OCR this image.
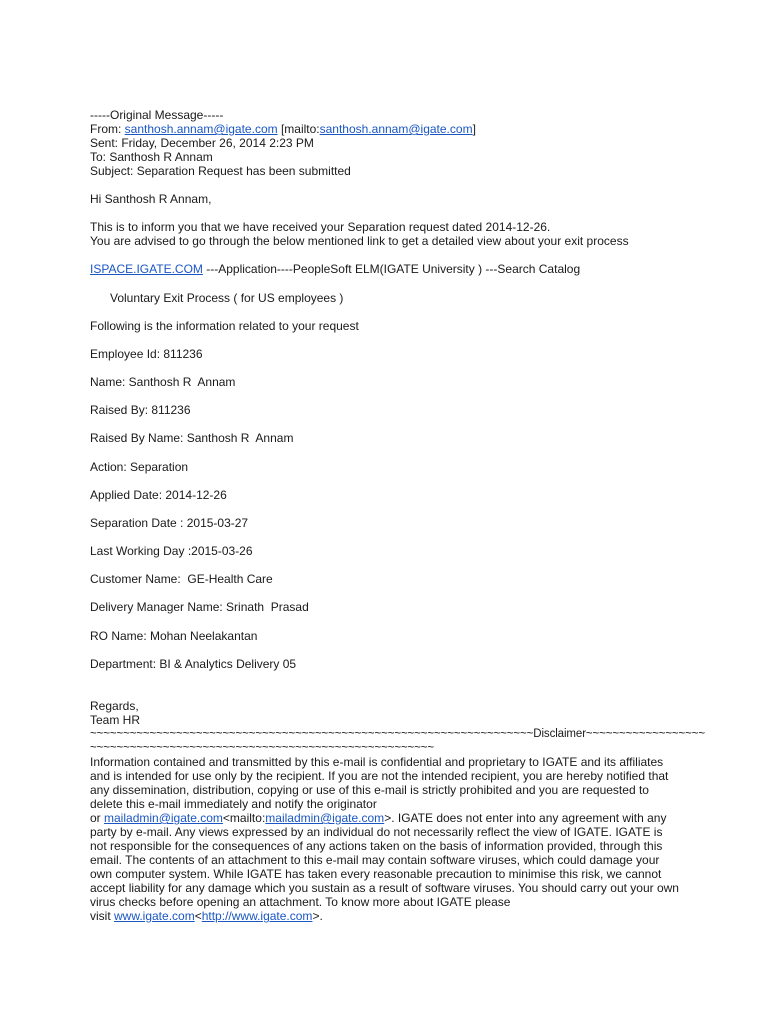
-----Original Message-----
From: santhosh.annam@igate.com [mailto:santhosh.annam@igate.com]
Sent: Friday, December 26, 2014 2:23 PM
To: Santhosh R Annam
Subject: Separation Request has been submitted
Hi Santhosh R Annam,
This is to inform you that we have received your Separation request dated 2014-12-26.
You are advised to go through the below mentioned link to get a detailed view about your exit process
ISPACE.IGATE.COM ---Application----PeopleSoft ELM(IGATE University ) ---Search Catalog
Voluntary Exit Process ( for US employees )
Following is the information related to your request
Employee Id: 811236
Name: Santhosh R  Annam
Raised By: 811236
Raised By Name: Santhosh R  Annam
Action: Separation
Applied Date: 2014-12-26
Separation Date : 2015-03-27
Last Working Day :2015-03-26
Customer Name:  GE-Health Care
Delivery Manager Name: Srinath  Prasad
RO Name: Mohan Neelakantan
Department: BI & Analytics Delivery 05
Regards,
Team HR
~~~~~~~~~~~~~~~~~~~~~~~~~~~~~~~~~~~~~~~~~~~~~~~~~~~~~~~~~~~~~~~~~~~Disclaimer~~~~~~~~~~~~~~~~~~
~~~~~~~~~~~~~~~~~~~~~~~~~~~~~~~~~~~~~~~~~~~~~~~~~~~~
Information contained and transmitted by this e-mail is confidential and proprietary to IGATE and its affiliates
and is intended for use only by the recipient. If you are not the intended recipient, you are hereby notified that
any dissemination, distribution, copying or use of this e-mail is strictly prohibited and you are requested to
delete this e-mail immediately and notify the originator
or mailadmin@igate.com<mailto:mailadmin@igate.com>. IGATE does not enter into any agreement with any
party by e-mail. Any views expressed by an individual do not necessarily reflect the view of IGATE. IGATE is
not responsible for the consequences of any actions taken on the basis of information provided, through this
email. The contents of an attachment to this e-mail may contain software viruses, which could damage your
own computer system. While IGATE has taken every reasonable precaution to minimise this risk, we cannot
accept liability for any damage which you sustain as a result of software viruses. You should carry out your own
virus checks before opening an attachment. To know more about IGATE please
visit www.igate.com<http://www.igate.com>.
